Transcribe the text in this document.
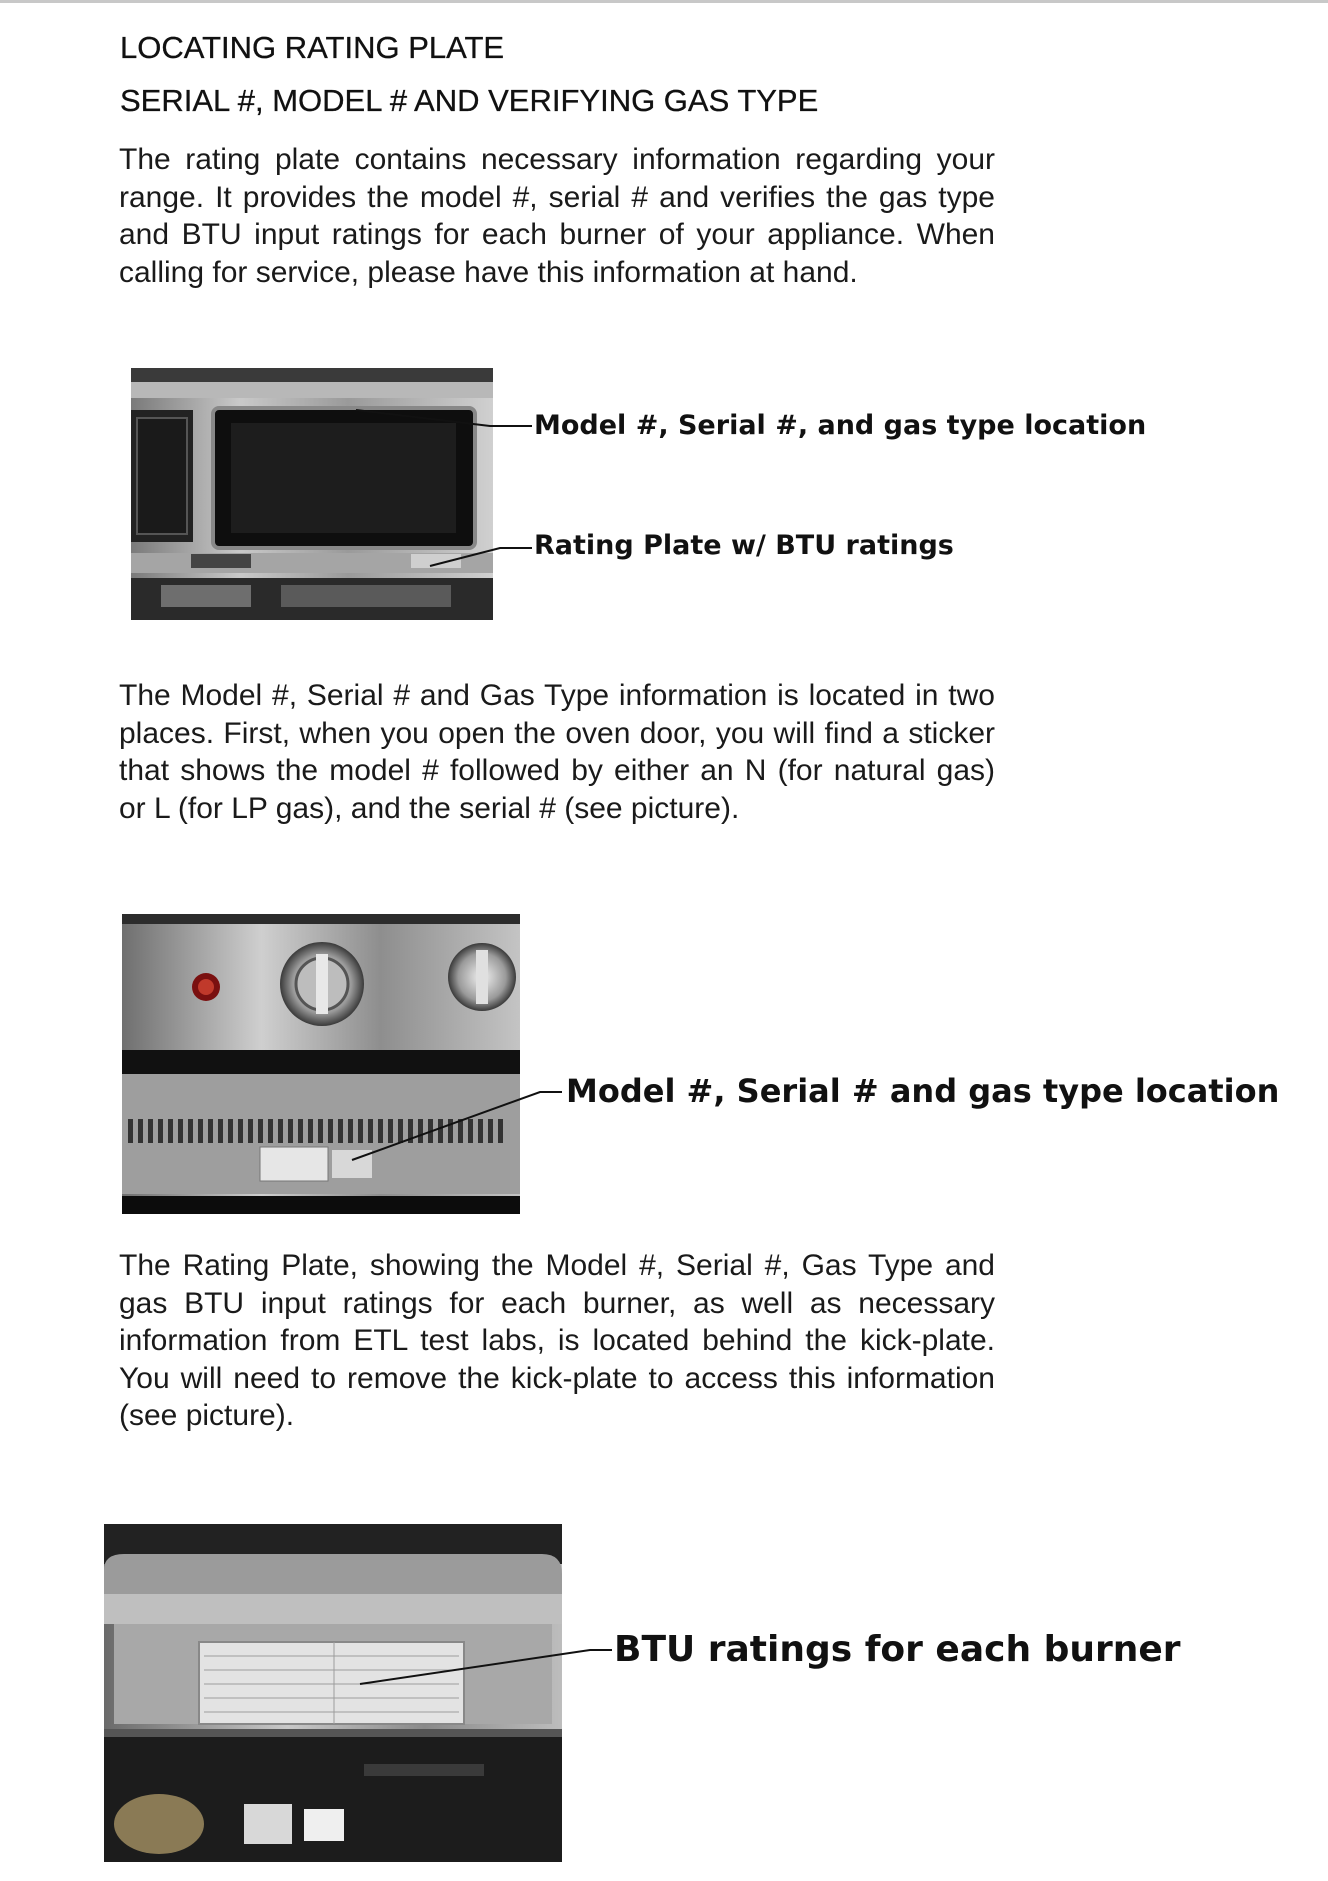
LOCATING RATING PLATE
SERIAL #, MODEL # AND VERIFYING GAS TYPE

The rating plate contains necessary information regarding your range. It provides the model #, serial # and verifies the gas type and BTU input ratings for each burner of your appliance. When calling for service, please have this information at hand.

Model #, Serial #, and gas type location
Rating Plate w/ BTU ratings

The Model #, Serial # and Gas Type information is located in two places. First, when you open the oven door, you will find a sticker that shows the model # followed by either an N (for natural gas) or L (for LP gas), and the serial # (see picture).

Model #, Serial # and gas type location

The Rating Plate, showing the Model #, Serial #, Gas Type and gas BTU input ratings for each burner, as well as necessary information from ETL test labs, is located behind the kick-plate. You will need to remove the kick-plate to access this information (see picture).

BTU ratings for each burner
